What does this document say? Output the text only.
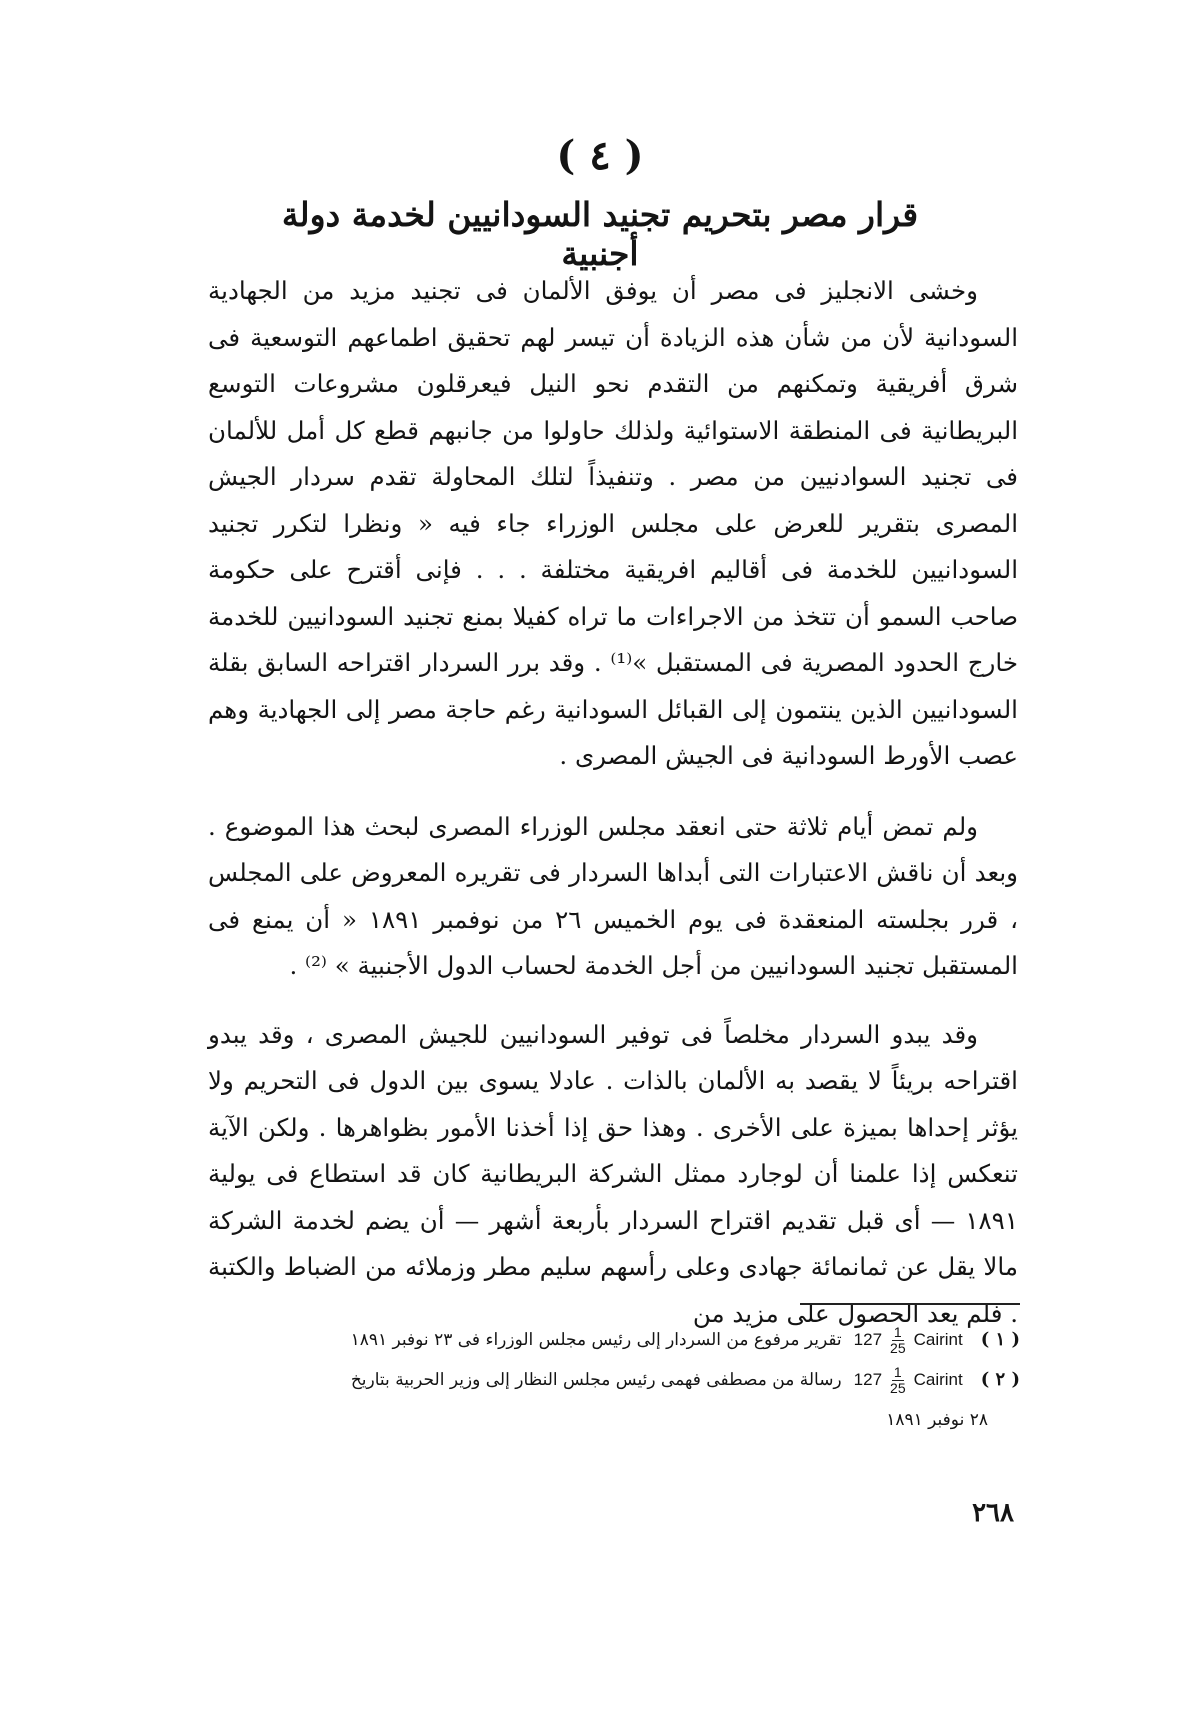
( ٤ )
قرار مصر بتحريم تجنيد السودانيين لخدمة دولة أجنبية

وخشى الانجليز فى مصر أن يوفق الألمان فى تجنيد مزيد من الجهادية السودانية لأن من شأن هذه الزيادة أن تيسر لهم تحقيق اطماعهم التوسعية فى شرق أفريقية وتمكنهم من التقدم نحو النيل فيعرقلون مشروعات التوسع البريطانية فى المنطقة الاستوائية ولذلك حاولوا من جانبهم قطع كل أمل للألمان فى تجنيد السوادنيين من مصر . وتنفيذاً لتلك المحاولة تقدم سردار الجيش المصرى بتقرير للعرض على مجلس الوزراء جاء فيه « ونظرا لتكرر تجنيد السودانيين للخدمة فى أقاليم افريقية مختلفة . . . فإنى أقترح على حكومة صاحب السمو أن تتخذ من الاجراءات ما تراه كفيلا بمنع تجنيد السودانيين للخدمة خارج الحدود المصرية فى المستقبل »⁽¹⁾ . وقد برر السردار اقتراحه السابق بقلة السودانيين الذين ينتمون إلى القبائل السودانية رغم حاجة مصر إلى الجهادية وهم عصب الأورط السودانية فى الجيش المصرى .

ولم تمض أيام ثلاثة حتى انعقد مجلس الوزراء المصرى لبحث هذا الموضوع . وبعد أن ناقش الاعتبارات التى أبداها السردار فى تقريره المعروض على المجلس ، قرر بجلسته المنعقدة فى يوم الخميس ٢٦ من نوفمبر ١٨٩١ « أن يمنع فى المستقبل تجنيد السودانيين من أجل الخدمة لحساب الدول الأجنبية » ⁽²⁾ .

وقد يبدو السردار مخلصاً فى توفير السودانيين للجيش المصرى ، وقد يبدو اقتراحه بريئاً لا يقصد به الألمان بالذات . عادلا يسوى بين الدول فى التحريم ولا يؤثر إحداها بميزة على الأخرى . وهذا حق إذا أخذنا الأمور بظواهرها . ولكن الآية تنعكس إذا علمنا أن لوجارد ممثل الشركة البريطانية كان قد استطاع فى يولية ١٨٩١ — أى قبل تقديم اقتراح السردار بأربعة أشهر — أن يضم لخدمة الشركة مالا يقل عن ثمانمائة جهادى وعلى رأسهم سليم مطر وزملائه من الضباط والكتبة . فلم يعد الحصول على مزيد من

( ١ )
$127 \frac{1}{25}$ Cairint
تقرير مرفوع من السردار إلى رئيس مجلس الوزراء فى ٢٣ نوفبر ١٨٩١
( ٢ )
$127 \frac{1}{25}$ Cairint
رسالة من مصطفى فهمى رئيس مجلس النظار إلى وزير الحربية بتاريخ
٢٨ نوفبر ١٨٩١
٢٦٨
